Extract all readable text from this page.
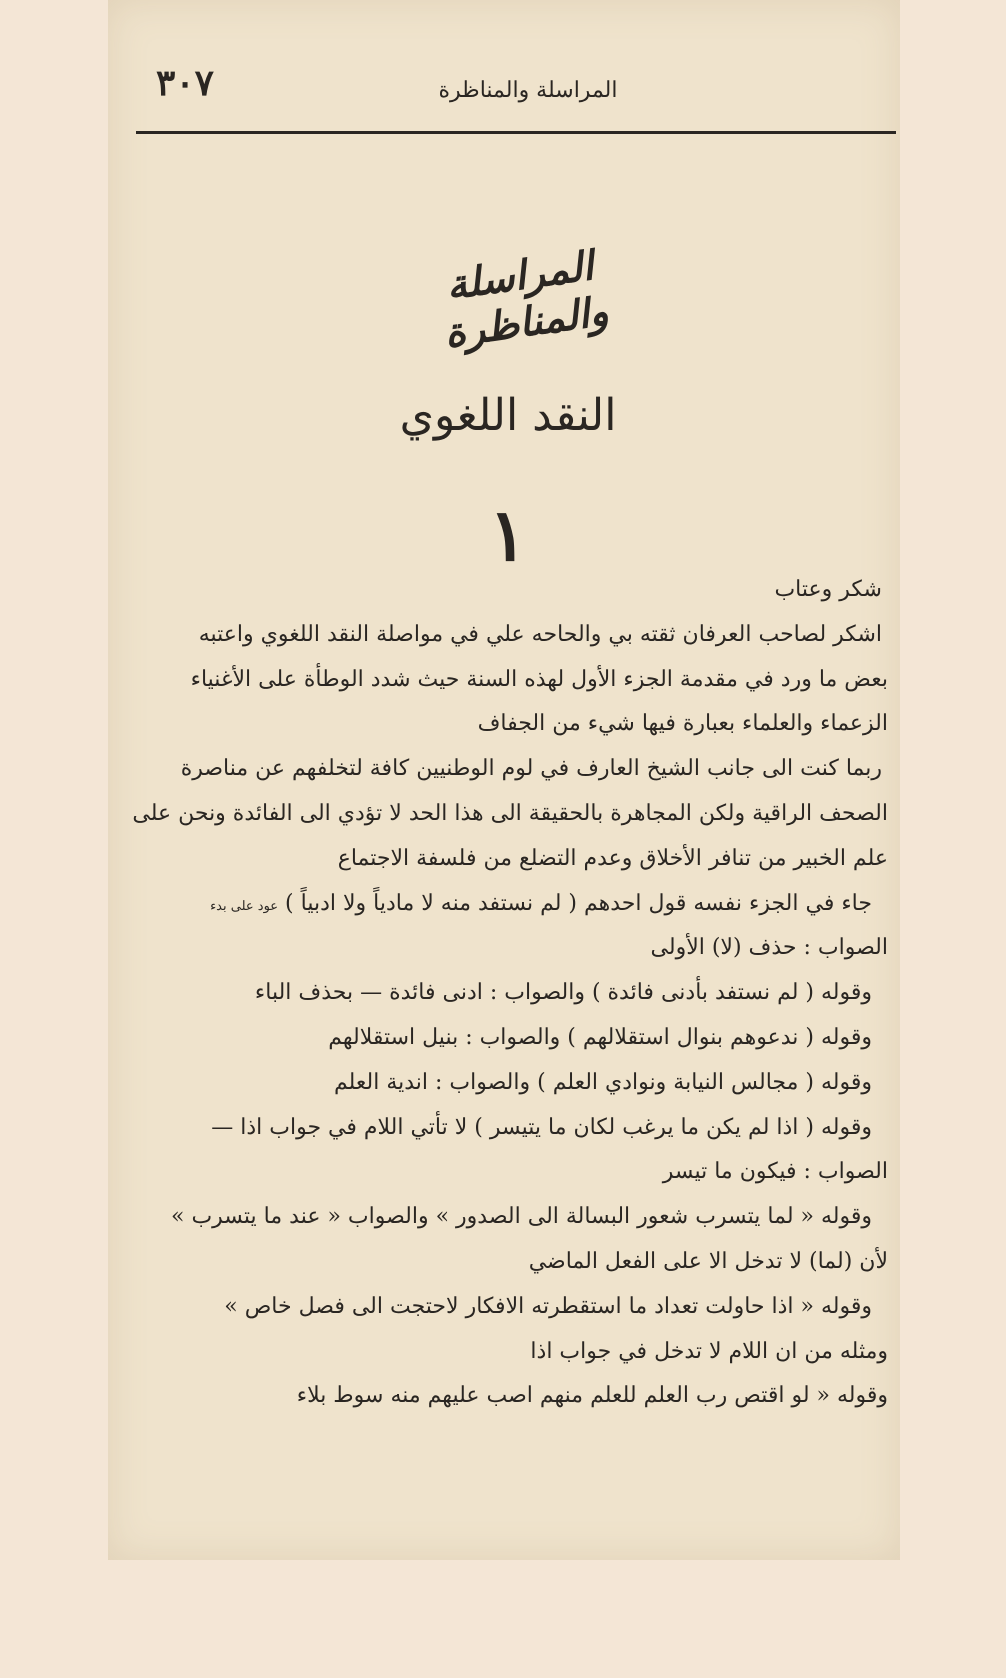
٣٠٧	المراسلة والمناظرة
المراسلة والمناظرة
النقد اللغوي
١
شكر وعتاب
اشكر لصاحب العرفان ثقته بي والحاحه علي في مواصلة النقد اللغوي واعتبه
بعض ما ورد في مقدمة الجزء الأول لهذه السنة حيث شدد الوطأة على الأغنياء
الزعماء والعلماء بعبارة فيها شيء من الجفاف
ربما كنت الى جانب الشيخ العارف في لوم الوطنيين كافة لتخلفهم عن مناصرة
الصحف الراقية ولكن المجاهرة بالحقيقة الى هذا الحد لا تؤدي الى الفائدة ونحن على
علم الخبير من تنافر الأخلاق وعدم التضلع من فلسفة الاجتماع
جاء في الجزء نفسه قول احدهم ( لم نستفد منه لا مادياً ولا ادبياً ) عود على بدء
الصواب : حذف (لا) الأولى
وقوله ( لم نستفد بأدنى فائدة ) والصواب : ادنى فائدة — بحذف الباء
وقوله ( ندعوهم بنوال استقلالهم ) والصواب : بنيل استقلالهم
وقوله ( مجالس النيابة ونوادي العلم ) والصواب : اندية العلم
وقوله ( اذا لم يكن ما يرغب لكان ما يتيسر ) لا تأتي اللام في جواب اذا —
الصواب : فيكون ما تيسر
وقوله « لما يتسرب شعور البسالة الى الصدور » والصواب « عند ما يتسرب »
لأن (لما) لا تدخل الا على الفعل الماضي
وقوله « اذا حاولت تعداد ما استقطرته الافكار لاحتجت الى فصل خاص »
ومثله من ان اللام لا تدخل في جواب اذا
وقوله « لو اقتص رب العلم للعلم منهم اصب عليهم منه سوط بلاء
